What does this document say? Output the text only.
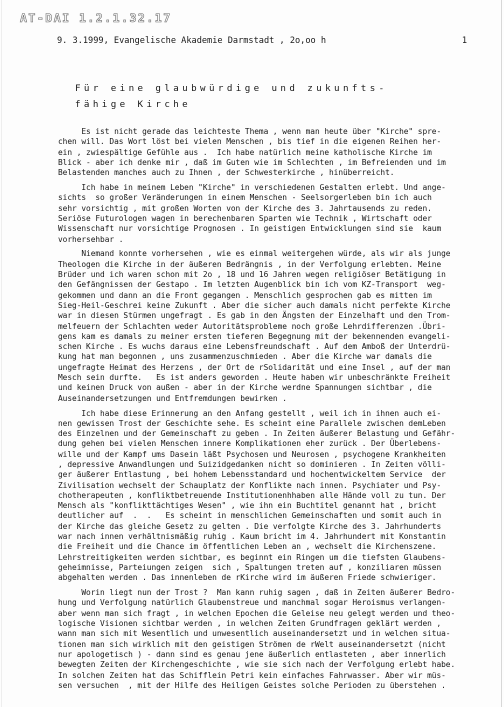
AT-DAI 1.2.1.32.17
9. 3.1999, Evangelische Akademie Darmstadt , 2o,oo h	1
Für eine glaubwürdige und zukunfts-
fähige Kirche
Es ist nicht gerade das leichteste Thema , wenn man heute über "Kirche" spre-
chen will. Das Wort löst bei vielen Menschen , bis tief in die eigenen Reihen her-
ein , zwiespältige Gefühle aus .  Ich habe natürlich meine katholische Kirche im
Blick - aber ich denke mir , daß im Guten wie im Schlechten , im Befreienden und im
Belastenden manches auch zu Ihnen , der Schwesterkirche , hinüberreicht.
Ich habe in meinem Leben "Kirche" in verschiedenen Gestalten erlebt. Und ange-
sichts  so großer Veränderungen in einem Menschen - Seelsorgerleben bin ich auch
sehr vorsichtig , mit großen Worten von der Kirche des 3. Jahrtausends zu reden.
Seriöse Futurologen wagen in berechenbaren Sparten wie Technik , Wirtschaft oder
Wissenschaft nur vorsichtige Prognosen . In geistigen Entwicklungen sind sie  kaum
vorhersehbar .
Niemand konnte vorhersehen , wie es einmal weitergehen würde, als wir als junge
Theologen die Kirche in der äußeren Bedrängnis , in der Verfolgung erlebten. Meine
Brüder und ich waren schon mit 2o , 18 und 16 Jahren wegen religiöser Betätigung in
den Gefängnissen der Gestapo . Im letzten Augenblick bin ich vom KZ-Transport  weg-
gekommen und dann an die Front gegangen . Menschlich gesprochen gab es mitten im
Sieg-Heil-Geschrei keine Zukunft . Aber die sicher auch damals nicht perfekte Kirche
war in diesen Stürmen ungefragt . Es gab in den Ängsten der Einzelhaft und den Trom-
melfeuern der Schlachten weder Autoritätsprobleme noch große Lehrdifferenzen .Übri-
gens kam es damals zu meiner ersten tieferen Begegnung mit der bekennenden evangeli-
schen Kirche . Es wuchs daraus eine Lebensfreundschaft . Auf dem Amboß der Unterdrü-
kung hat man begonnen , uns zusammenzuschmieden . Aber die Kirche war damals die
ungefragte Heimat des Herzens , der Ort de rSolidarität und eine Insel , auf der man
Mesch sein durfte.   Es ist anders geworden . Heute haben wir unbeschränkte Freiheit
und keinen Druck von außen - aber in der Kirche werdne Spannungen sichtbar , die
Auseinandersetzungen und Entfremdungen bewirken .
Ich habe diese Erinnerung an den Anfang gestellt , weil ich in ihnen auch ei-
nen gewissen Trost der Geschichte sehe. Es scheint eine Parallele zwischen demLeben
des Einzelnen und der Gemeinschaft zu geben . In Zeiten äußerer Belastung und Gefähr-
dung gehen bei vielen Menschen innere Komplikationen eher zurück . Der Überlebens-
wille und der Kampf ums Dasein läßt Psychosen und Neurosen , psychogene Krankheiten
, depressive Anwandlungen und Suizidgedanken nicht so dominieren . In Zeiten völli-
ger äußerer Entlastung , bei hohem Lebensstandard und hochentwickeltem Service  der
Zivilisation wechselt der Schauplatz der Konflikte nach innen. Psychiater und Psy-
chotherapeuten , konfliktbetreuende Institutionenhhaben alle Hände voll zu tun. Der
Mensch als "konflikttächtiges Wesen" , wie ihn ein Buchtitel genannt hat , bricht
deutlicher auf  .  .   Es scheint in menschlichen Gemeinschaften und somit auch in
der Kirche das gleiche Gesetz zu gelten . Die verfolgte Kirche des 3. Jahrhunderts
war nach innen verhältnismäßig ruhig . Kaum bricht im 4. Jahrhundert mit Konstantin
die Freiheit und die Chance im öffentlichen Leben an , wechselt die Kirchenszene.
Lehrstreitigkeiten werden sichtbar, es beginnt ein Ringen um die tiefsten Glaubens-
geheimnisse, Parteiungen zeigen  sich , Spaltungen treten auf , konziliaren müssen
abgehalten werden . Das innenleben de rKirche wird im äußeren Friede schwieriger.
Worin liegt nun der Trost ?  Man kann ruhig sagen , daß in Zeiten äußerer Bedro-
hung und Verfolgung natürlich Glaubenstreue und manchmal sogar Heroismus verlangen-
aber wenn man sich fragt , in welchen Epochen die Geleise neu gelegt werden und theo-
logische Visionen sichtbar werden , in welchen Zeiten Grundfragen geklärt werden ,
wann man sich mit Wesentlich und unwesentlich auseinandersetzt und in welchen situa-
tionen man sich wirklich mit den geistigen Strömen de rWelt auseinandersetzt (nicht
nur apologetisch ) - dann sind es genau jene äußerlich entlasteten , aber innerlich
bewegten Zeiten der Kirchengeschichte , wie sie sich nach der Verfolgung erlebt habe.
In solchen Zeiten hat das Schifflein Petri kein einfaches Fahrwasser. Aber wir müs-
sen versuchen  , mit der Hilfe des Heiligen Geistes solche Perioden zu überstehen .
